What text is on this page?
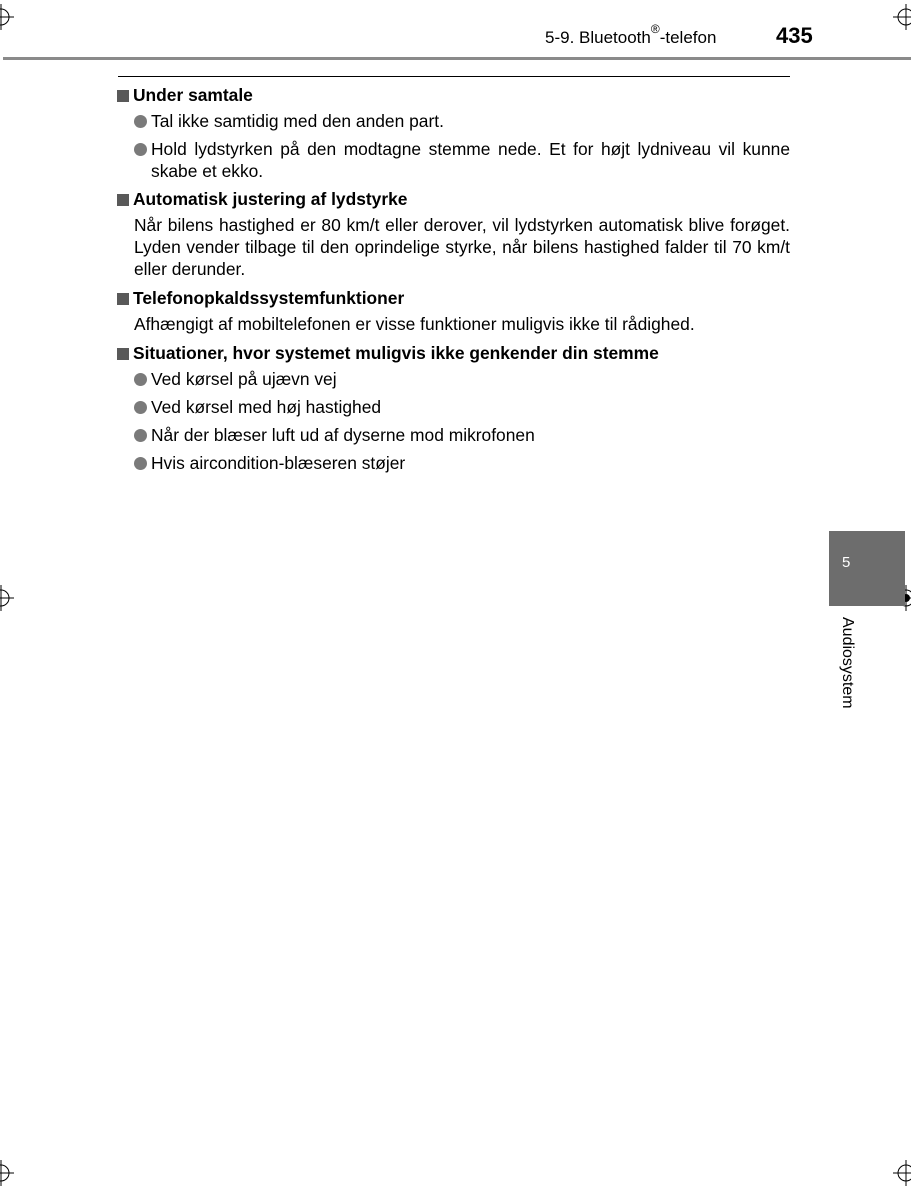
5-9. Bluetooth®-telefon	435
Under samtale
Tal ikke samtidig med den anden part.
Hold lydstyrken på den modtagne stemme nede. Et for højt lydniveau vil kunne skabe et ekko.
Automatisk justering af lydstyrke
Når bilens hastighed er 80 km/t eller derover, vil lydstyrken automatisk blive forøget. Lyden vender tilbage til den oprindelige styrke, når bilens hastighed falder til 70 km/t eller derunder.
Telefonopkaldssystemfunktioner
Afhængigt af mobiltelefonen er visse funktioner muligvis ikke til rådighed.
Situationer, hvor systemet muligvis ikke genkender din stemme
Ved kørsel på ujævn vej
Ved kørsel med høj hastighed
Når der blæser luft ud af dyserne mod mikrofonen
Hvis aircondition-blæseren støjer
5
Audiosystem
